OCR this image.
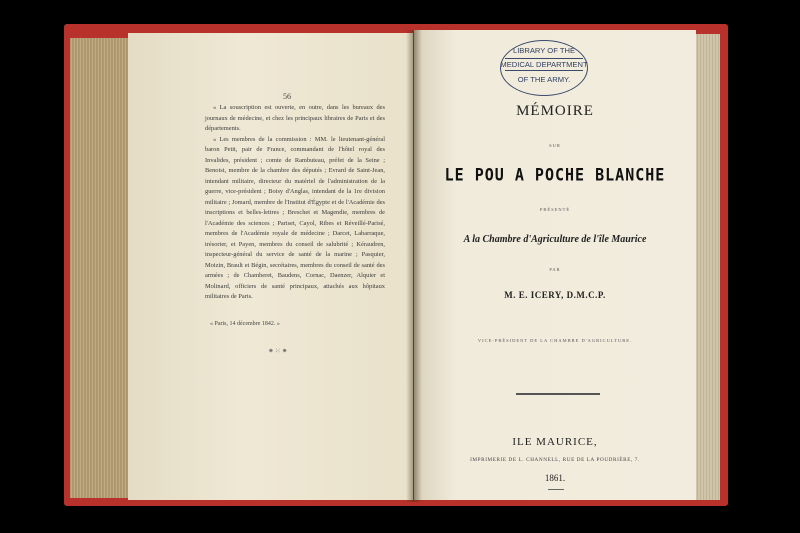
56

« La souscription est ouverte, en outre, dans les bureaux des journaux de médecine, et chez les principaux libraires de Paris et des départements.

« Les membres de la commission : MM. le lieutenant-général baron Petit, pair de France, commandant de l'hôtel royal des Invalides, président ; comte de Rambuteau, préfet de la Seine ; Benoist, membre de la chambre des députés ; Evrard de Saint-Jean, intendant militaire, directeur du matériel de l'administration de la guerre, vice-président ; Boisy d'Anglas, intendant de la 1re division militaire ; Jomard, membre de l'Institut d'Égypte et de l'Académie des inscriptions et belles-lettres ; Breschet et Magendie, membres de l'Académie des sciences ; Pariset, Cayol, Ribes et Réveillé-Parisé, membres de l'Académie royale de médecine ; Darcet, Labarraque, trésorier, et Payen, membres du conseil de salubrité ; Kéraudren, inspecteur-général du service de santé de la marine ; Pasquier, Moizin, Brault et Bégin, secrétaires, membres du conseil de santé des armées ; de Chamberet, Baudens, Cornac, Daenzer, Alquier et Molinard, officiers de santé principaux, attachés aux hôpitaux militaires de Paris.

« Paris, 14 décembre 1842. »
⁕⁙⁕
LIBRARY OF THE
MEDICAL DEPARTMENT
OF THE ARMY.
MÉMOIRE
SUR
LE POU A POCHE BLANCHE
PRÉSENTÉ
A la Chambre d'Agriculture de l'île Maurice
PAR
M. E. ICERY, D.M.C.P.
VICE-PRÉSIDENT DE LA CHAMBRE D'AGRICULTURE.
ILE MAURICE,
IMPRIMERIE DE L. CHANNELL, RUE DE LA POUDRIÈRE, 7.
1861.
